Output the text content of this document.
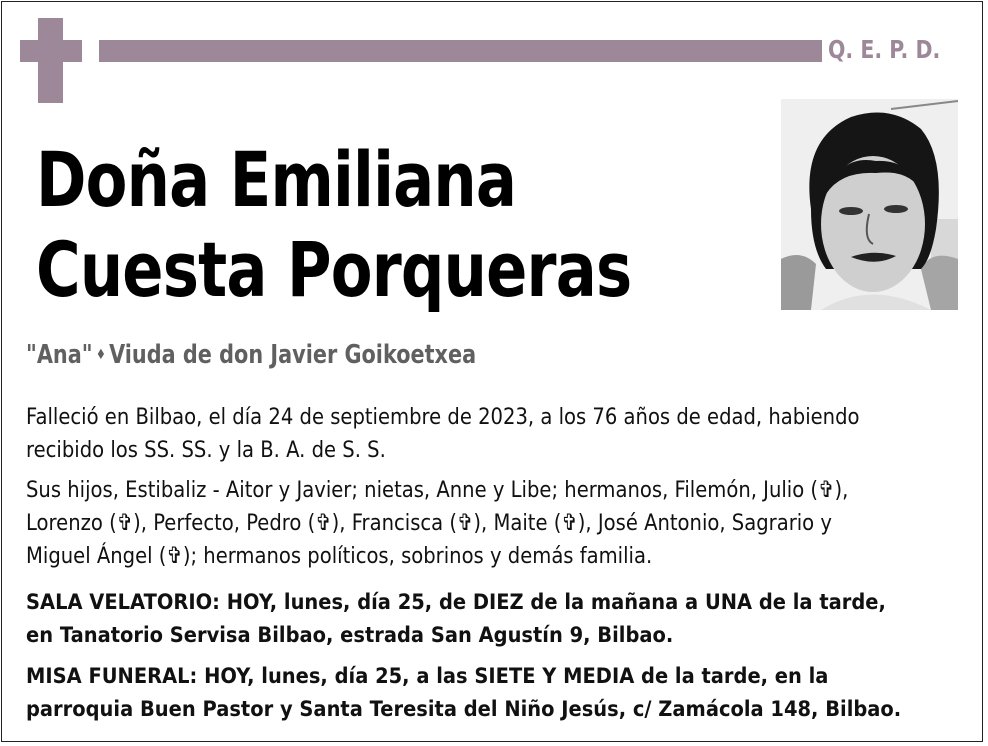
Q. E. P. D.
Doña Emiliana
Cuesta Porqueras
"Ana" ♦ Viuda de don Javier Goikoetxea
Falleció en Bilbao, el día 24 de septiembre de 2023, a los 76 años de edad, habiendo
recibido los SS. SS. y la B. A. de S. S.
Sus hijos, Estibaliz - Aitor y Javier; nietas, Anne y Libe; hermanos, Filemón, Julio (✞),
Lorenzo (✞), Perfecto, Pedro (✞), Francisca (✞), Maite (✞), José Antonio, Sagrario y
Miguel Ángel (✞); hermanos políticos, sobrinos y demás familia.
SALA VELATORIO: HOY, lunes, día 25, de DIEZ de la mañana a UNA de la tarde,
en Tanatorio Servisa Bilbao, estrada San Agustín 9, Bilbao.
MISA FUNERAL: HOY, lunes, día 25, a las SIETE Y MEDIA de la tarde, en la
parroquia Buen Pastor y Santa Teresita del Niño Jesús, c/ Zamácola 148, Bilbao.
